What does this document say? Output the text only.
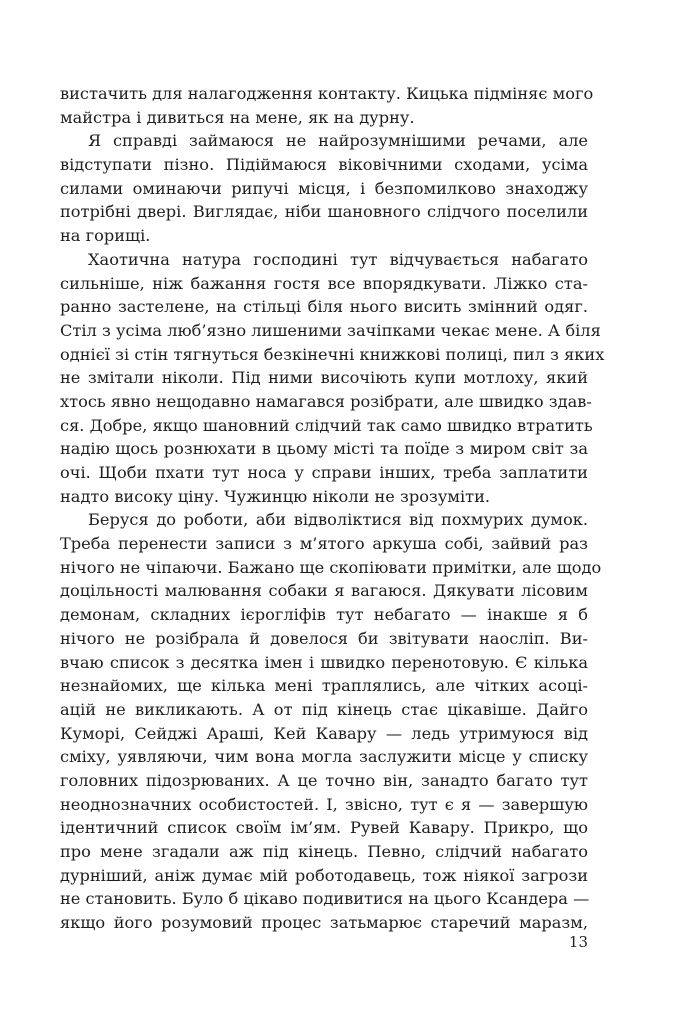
вистачить для налагодження контакту. Кицька підміняє мого
майстра і дивиться на мене, як на дурну.
Я справді займаюся не найрозумнішими речами, але
відступати пізно. Підіймаюся віковічними сходами, усіма
силами оминаючи рипучі місця, і безпомилково знаходжу
потрібні двері. Виглядає, ніби шановного слідчого поселили
на горищі.
Хаотична натура господині тут відчувається набагато
сильніше, ніж бажання гостя все впорядкувати. Ліжко ста-
ранно застелене, на стільці біля нього висить змінний одяг.
Стіл з усіма люб’язно лишеними зачіпками чекає мене. А біля
однієї зі стін тягнуться безкінечні книжкові полиці, пил з яких
не змітали ніколи. Під ними височіють купи мотлоху, який
хтось явно нещодавно намагався розібрати, але швидко здав-
ся. Добре, якщо шановний слідчий так само швидко втратить
надію щось рознюхати в цьому місті та поїде з миром світ за
очі. Щоби пхати тут носа у справи інших, треба заплатити
надто високу ціну. Чужинцю ніколи не зрозуміти.
Беруся до роботи, аби відволіктися від похмурих думок.
Треба перенести записи з м’ятого аркуша собі, зайвий раз
нічого не чіпаючи. Бажано ще скопіювати примітки, але щодо
доцільності малювання собаки я вагаюся. Дякувати лісовим
демонам, складних ієрогліфів тут небагато — інакше я б
нічого не розібрала й довелося би звітувати наосліп. Ви-
вчаю список з десятка імен і швидко перенотовую. Є кілька
незнайомих, ще кілька мені траплялись, але чітких асоці-
ацій не викликають. А от під кінець стає цікавіше. Дайго
Куморі, Сейджі Араші, Кей Кавару — ледь утримуюся від
сміху, уявляючи, чим вона могла заслужити місце у списку
головних підозрюваних. А це точно він, занадто багато тут
неоднозначних особистостей. І, звісно, тут є я — завершую
ідентичний список своїм ім’ям. Рувей Кавару. Прикро, що
про мене згадали аж під кінець. Певно, слідчий набагато
дурніший, аніж думає мій роботодавець, тож ніякої загрози
не становить. Було б цікаво подивитися на цього Ксандера —
якщо його розумовий процес затьмарює старечий маразм,
13
